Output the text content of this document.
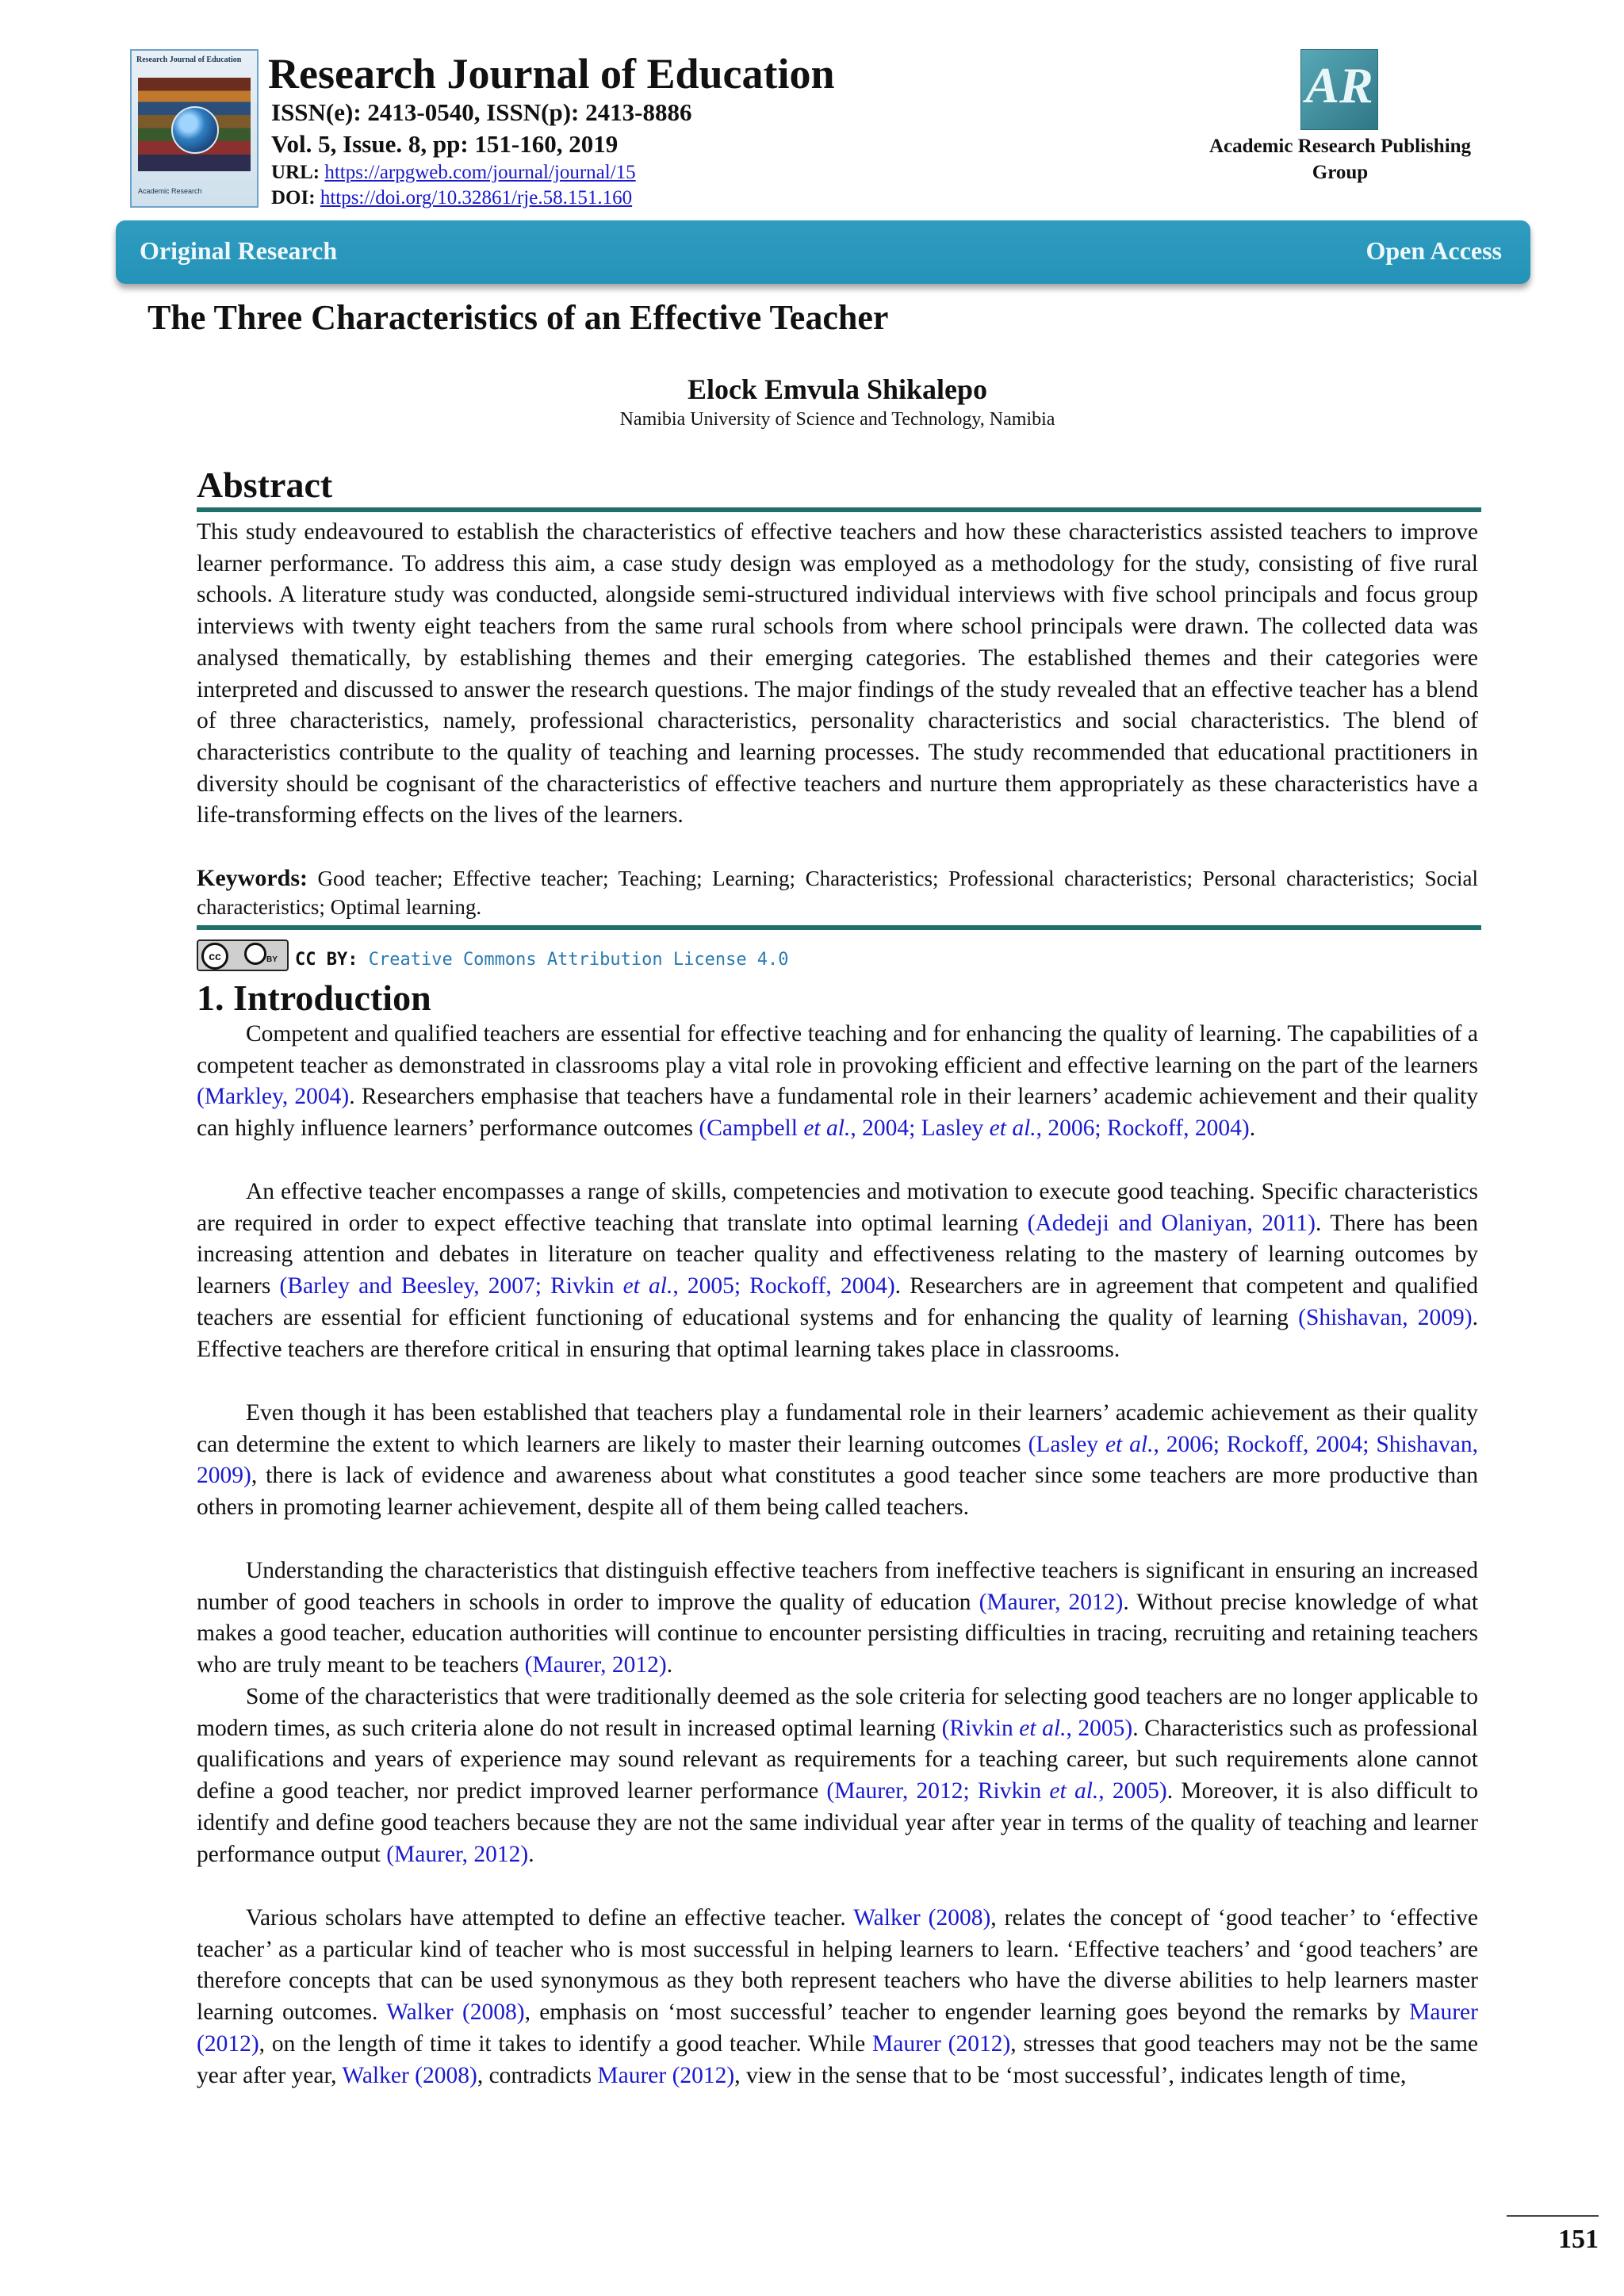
Research Journal of Education
Academic Research
Research Journal of Education
ISSN(e): 2413-0540, ISSN(p): 2413-8886
Vol. 5, Issue. 8, pp: 151-160, 2019
URL: https://arpgweb.com/journal/journal/15
DOI: https://doi.org/10.32861/rje.58.151.160
AR
Academic Research Publishing
Group
Original Research	Open Access
The Three Characteristics of an Effective Teacher
Elock Emvula Shikalepo
Namibia University of Science and Technology, Namibia
Abstract
This study endeavoured to establish the characteristics of effective teachers and how these characteristics assisted teachers to improve learner performance. To address this aim, a case study design was employed as a methodology for the study, consisting of five rural schools. A literature study was conducted, alongside semi-structured individual interviews with five school principals and focus group interviews with twenty eight teachers from the same rural schools from where school principals were drawn. The collected data was analysed thematically, by establishing themes and their emerging categories. The established themes and their categories were interpreted and discussed to answer the research questions. The major findings of the study revealed that an effective teacher has a blend of three characteristics, namely, professional characteristics, personality characteristics and social characteristics. The blend of characteristics contribute to the quality of teaching and learning processes. The study recommended that educational practitioners in diversity should be cognisant of the characteristics of effective teachers and nurture them appropriately as these characteristics have a life-transforming effects on the lives of the learners.
Keywords: Good teacher; Effective teacher; Teaching; Learning; Characteristics; Professional characteristics; Personal characteristics; Social characteristics; Optimal learning.
cc	BY CC BY: Creative Commons Attribution License 4.0
1. Introduction
Competent and qualified teachers are essential for effective teaching and for enhancing the quality of learning. The capabilities of a competent teacher as demonstrated in classrooms play a vital role in provoking efficient and effective learning on the part of the learners (Markley, 2004). Researchers emphasise that teachers have a fundamental role in their learners’ academic achievement and their quality can highly influence learners’ performance outcomes (Campbell et al., 2004; Lasley et al., 2006; Rockoff, 2004).
An effective teacher encompasses a range of skills, competencies and motivation to execute good teaching. Specific characteristics are required in order to expect effective teaching that translate into optimal learning (Adedeji and Olaniyan, 2011). There has been increasing attention and debates in literature on teacher quality and effectiveness relating to the mastery of learning outcomes by learners (Barley and Beesley, 2007; Rivkin et al., 2005; Rockoff, 2004). Researchers are in agreement that competent and qualified teachers are essential for efficient functioning of educational systems and for enhancing the quality of learning (Shishavan, 2009). Effective teachers are therefore critical in ensuring that optimal learning takes place in classrooms.
Even though it has been established that teachers play a fundamental role in their learners’ academic achievement as their quality can determine the extent to which learners are likely to master their learning outcomes (Lasley et al., 2006; Rockoff, 2004; Shishavan, 2009), there is lack of evidence and awareness about what constitutes a good teacher since some teachers are more productive than others in promoting learner achievement, despite all of them being called teachers.
Understanding the characteristics that distinguish effective teachers from ineffective teachers is significant in ensuring an increased number of good teachers in schools in order to improve the quality of education (Maurer, 2012). Without precise knowledge of what makes a good teacher, education authorities will continue to encounter persisting difficulties in tracing, recruiting and retaining teachers who are truly meant to be teachers (Maurer, 2012).
Some of the characteristics that were traditionally deemed as the sole criteria for selecting good teachers are no longer applicable to modern times, as such criteria alone do not result in increased optimal learning (Rivkin et al., 2005). Characteristics such as professional qualifications and years of experience may sound relevant as requirements for a teaching career, but such requirements alone cannot define a good teacher, nor predict improved learner performance (Maurer, 2012; Rivkin et al., 2005). Moreover, it is also difficult to identify and define good teachers because they are not the same individual year after year in terms of the quality of teaching and learner performance output (Maurer, 2012).
Various scholars have attempted to define an effective teacher. Walker (2008), relates the concept of ‘good teacher’ to ‘effective teacher’ as a particular kind of teacher who is most successful in helping learners to learn. ‘Effective teachers’ and ‘good teachers’ are therefore concepts that can be used synonymous as they both represent teachers who have the diverse abilities to help learners master learning outcomes. Walker (2008), emphasis on ‘most successful’ teacher to engender learning goes beyond the remarks by Maurer (2012), on the length of time it takes to identify a good teacher. While Maurer (2012), stresses that good teachers may not be the same year after year, Walker (2008), contradicts Maurer (2012), view in the sense that to be ‘most successful’, indicates length of time,
151
